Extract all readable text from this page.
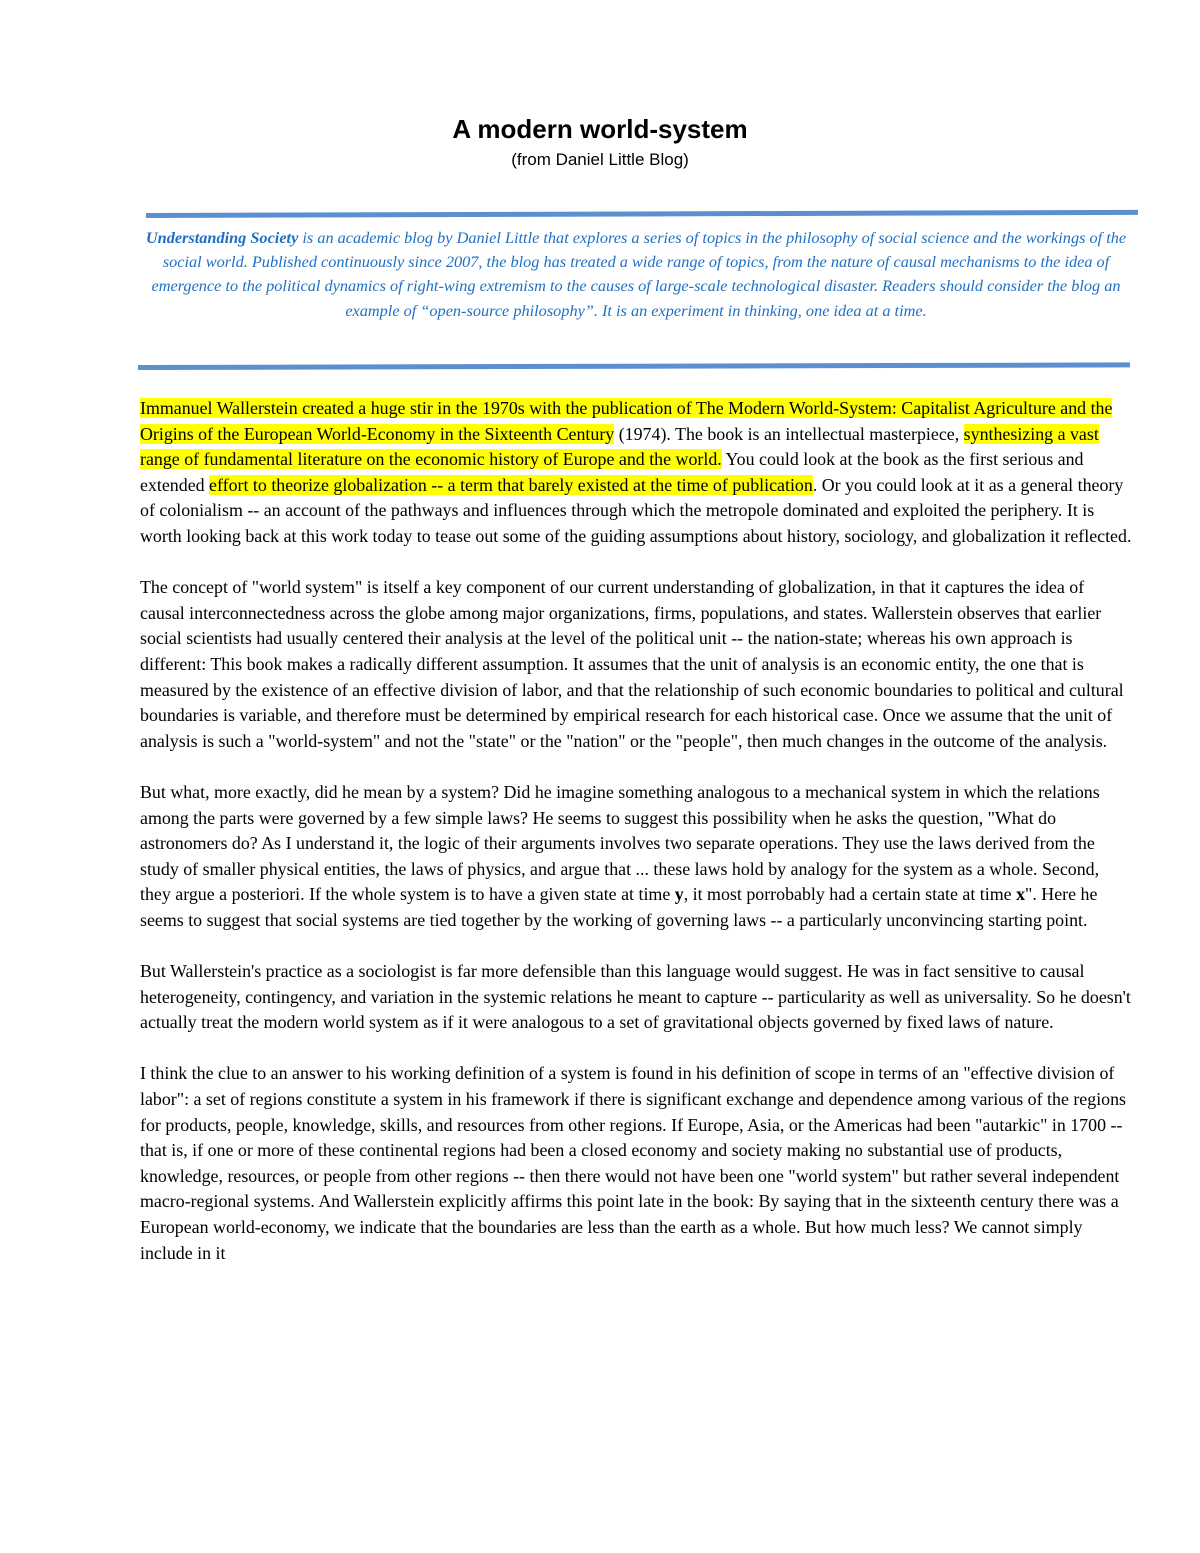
A modern world-system
(from Daniel Little Blog)
Understanding Society is an academic blog by Daniel Little that explores a series of topics in the philosophy of social science and the workings of the social world. Published continuously since 2007, the blog has treated a wide range of topics, from the nature of causal mechanisms to the idea of emergence to the political dynamics of right-wing extremism to the causes of large-scale technological disaster. Readers should consider the blog an example of “open-source philosophy”. It is an experiment in thinking, one idea at a time.

Immanuel Wallerstein created a huge stir in the 1970s with the publication of The Modern World-System: Capitalist Agriculture and the Origins of the European World-Economy in the Sixteenth Century (1974). The book is an intellectual masterpiece, synthesizing a vast range of fundamental literature on the economic history of Europe and the world. You could look at the book as the first serious and extended effort to theorize globalization -- a term that barely existed at the time of publication. Or you could look at it as a general theory of colonialism -- an account of the pathways and influences through which the metropole dominated and exploited the periphery. It is worth looking back at this work today to tease out some of the guiding assumptions about history, sociology, and globalization it reflected.

The concept of "world system" is itself a key component of our current understanding of globalization, in that it captures the idea of causal interconnectedness across the globe among major organizations, firms, populations, and states. Wallerstein observes that earlier social scientists had usually centered their analysis at the level of the political unit -- the nation-state; whereas his own approach is different: This book makes a radically different assumption. It assumes that the unit of analysis is an economic entity, the one that is measured by the existence of an effective division of labor, and that the relationship of such economic boundaries to political and cultural boundaries is variable, and therefore must be determined by empirical research for each historical case. Once we assume that the unit of analysis is such a "world-system" and not the "state" or the "nation" or the "people", then much changes in the outcome of the analysis.

But what, more exactly, did he mean by a system? Did he imagine something analogous to a mechanical system in which the relations among the parts were governed by a few simple laws? He seems to suggest this possibility when he asks the question, "What do astronomers do? As I understand it, the logic of their arguments involves two separate operations. They use the laws derived from the study of smaller physical entities, the laws of physics, and argue that ... these laws hold by analogy for the system as a whole. Second, they argue a posteriori. If the whole system is to have a given state at time y, it most porrobably had a certain state at time x". Here he seems to suggest that social systems are tied together by the working of governing laws -- a particularly unconvincing starting point.

But Wallerstein's practice as a sociologist is far more defensible than this language would suggest. He was in fact sensitive to causal heterogeneity, contingency, and variation in the systemic relations he meant to capture -- particularity as well as universality. So he doesn't actually treat the modern world system as if it were analogous to a set of gravitational objects governed by fixed laws of nature.

I think the clue to an answer to his working definition of a system is found in his definition of scope in terms of an "effective division of labor": a set of regions constitute a system in his framework if there is significant exchange and dependence among various of the regions for products, people, knowledge, skills, and resources from other regions. If Europe, Asia, or the Americas had been "autarkic" in 1700 -- that is, if one or more of these continental regions had been a closed economy and society making no substantial use of products, knowledge, resources, or people from other regions -- then there would not have been one "world system" but rather several independent macro-regional systems. And Wallerstein explicitly affirms this point late in the book: By saying that in the sixteenth century there was a European world-economy, we indicate that the boundaries are less than the earth as a whole. But how much less? We cannot simply include in it
